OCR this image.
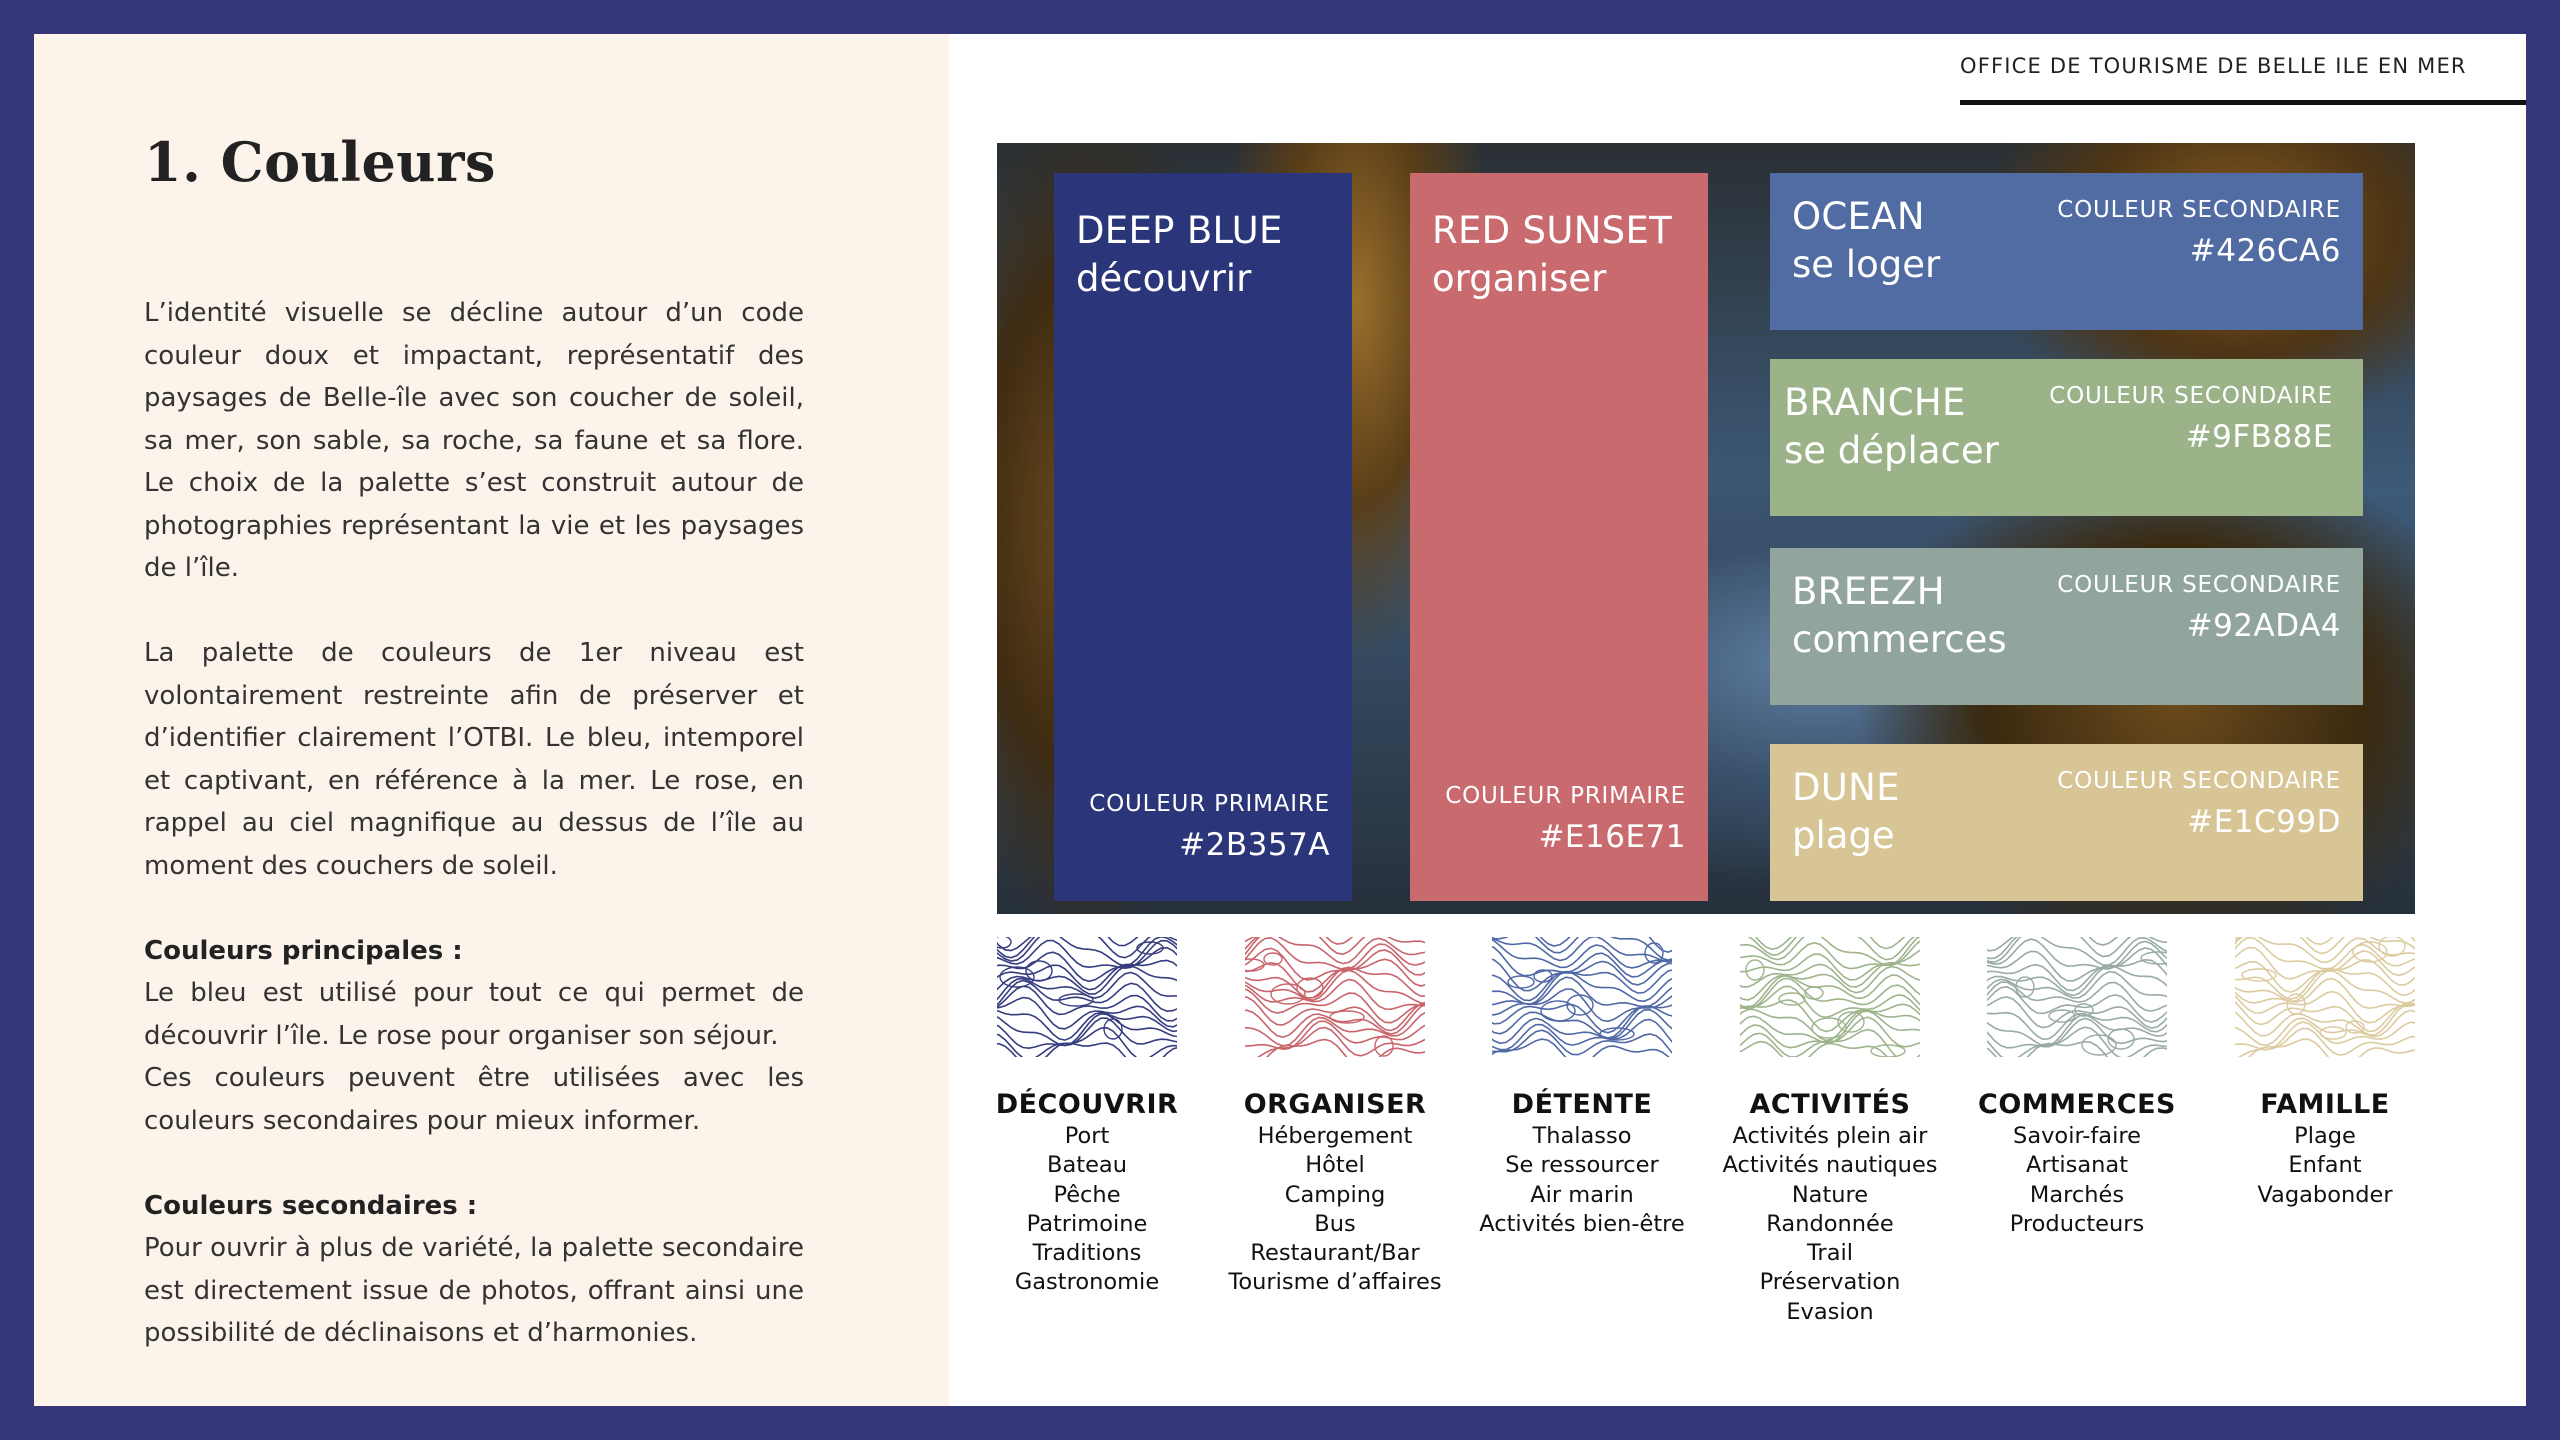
1. Couleurs

L’identité visuelle se décline autour d’un code couleur doux et impactant, représentatif des paysages de Belle-île avec son coucher de soleil, sa mer, son sable, sa roche, sa faune et sa flore. Le choix de la palette s’est construit autour de photographies représentant la vie et les paysages de l’île.

La palette de couleurs de 1er niveau est volontairement restreinte afin de préserver et d’identifier clairement l’OTBI. Le bleu, intemporel et captivant, en référence à la mer. Le rose, en rappel au ciel magnifique au dessus de l’île au moment des couchers de soleil.

Couleurs principales :

Le bleu est utilisé pour tout ce qui permet de découvrir l’île. Le rose pour organiser son séjour.

Ces couleurs peuvent être utilisées avec les couleurs secondaires pour mieux informer.

Couleurs secondaires :

Pour ouvrir à plus de variété, la palette secondaire est directement issue de photos, offrant ainsi une possibilité de déclinaisons et d’harmonies.

OFFICE DE TOURISME DE BELLE ILE EN MER
DEEP BLUE
découvrir
COULEUR PRIMAIRE
#2B357A
RED SUNSET
organiser
COULEUR PRIMAIRE
#E16E71
OCEAN
se loger
COULEUR SECONDAIRE
#426CA6
BRANCHE
se déplacer
COULEUR SECONDAIRE
#9FB88E
BREEZH
commerces
COULEUR SECONDAIRE
#92ADA4
DUNE
plage
COULEUR SECONDAIRE
#E1C99D
DÉCOUVRIR
Port
Bateau
Pêche
Patrimoine
Traditions
Gastronomie
ORGANISER
Hébergement
Hôtel
Camping
Bus
Restaurant/Bar
Tourisme d’affaires
DÉTENTE
Thalasso
Se ressourcer
Air marin
Activités bien-être
ACTIVITÉS
Activités plein air
Activités nautiques
Nature
Randonnée
Trail
Préservation
Evasion
COMMERCES
Savoir-faire
Artisanat
Marchés
Producteurs
FAMILLE
Plage
Enfant
Vagabonder
